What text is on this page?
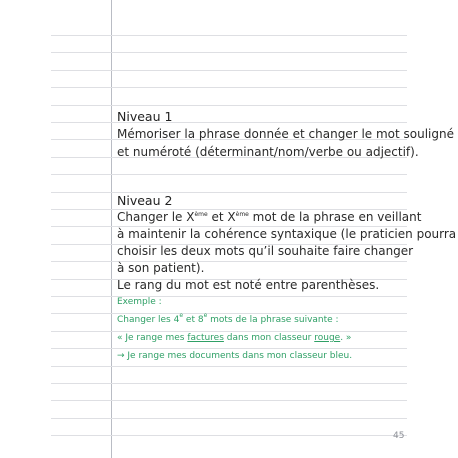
Niveau 1
Mémoriser la phrase donnée et changer le mot souligné
et numéroté (déterminant/nom/verbe ou adjectif).
Niveau 2
Changer le Xème et Xème mot de la phrase en veillant
à maintenir la cohérence syntaxique (le praticien pourra
choisir les deux mots qu’il souhaite faire changer
à son patient).
Le rang du mot est noté entre parenthèses.
Exemple :
Changer les 4e et 8e mots de la phrase suivante :
« Je range mes factures dans mon classeur rouge. »
→ Je range mes documents dans mon classeur bleu.
45
